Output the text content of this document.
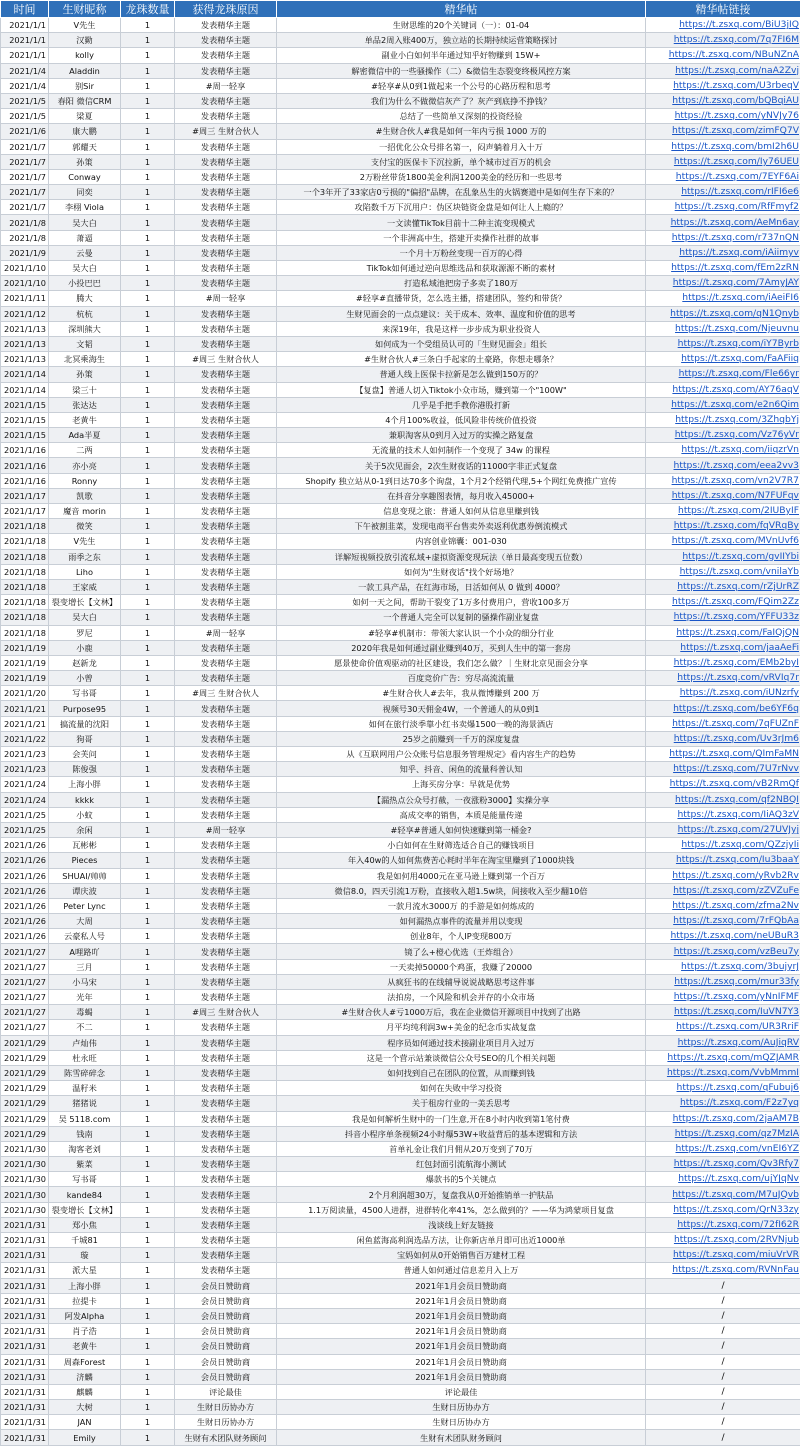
时间	生财昵称	龙珠数量	获得龙珠原因	精华帖	精华帖链接
2021/1/1	V先生	1	发表精华主题	生财思维的20个关键词（一）：01-04	https://t.zsxq.com/BiU3jIQ
2021/1/1	汉勤	1	发表精华主题	单品2周入账400万，独立站的长期持续运营策略探讨	https://t.zsxq.com/7q7FI6M
2021/1/1	kolly	1	发表精华主题	副业小白如何半年通过知乎好物赚到 15W+	https://t.zsxq.com/NBuNZnA
2021/1/4	Aladdin	1	发表精华主题	解密微信中的一些骚操作（二）&微信生态裂变终极风控方案	https://t.zsxq.com/naA2Zvj
2021/1/4	别Sir	1	#周一轻享	#轻享#从0到1做起来一个公号的心路历程和思考	https://t.zsxq.com/U3rbeqV
2021/1/5	春阳 微信CRM	1	发表精华主题	我们为什么不做微信灰产了？灰产到底挣不挣钱？	https://t.zsxq.com/bQBqiAU
2021/1/5	梁夏	1	发表精华主题	总结了一些简单又深刻的投资经验	https://t.zsxq.com/yNVJy76
2021/1/6	康大鹏	1	#周三 生财合伙人	#生财合伙人#我是如何一年内亏损 1000 万的	https://t.zsxq.com/zimFQ7V
2021/1/7	郭耀天	1	发表精华主题	一招优化公众号排名第一，闷声躺着月入十万	https://t.zsxq.com/bmI2h6U
2021/1/7	孙策	1	发表精华主题	支付宝的医保卡下沉拉新，单个城市过百万的机会	https://t.zsxq.com/Iy76UEU
2021/1/7	Conway	1	发表精华主题	2万粉丝带货1800美金利润1200美金的经历和一些思考	https://t.zsxq.com/7EYF6Ai
2021/1/7	同奕	1	发表精华主题	一个3年开了33家店0亏损的"偏招"品牌，在乱象丛生的火锅赛道中是如何生存下来的？	https://t.zsxq.com/rIFI6e6
2021/1/7	李栩 Viola	1	发表精华主题	攻陷数千万下沉用户：伪区块链资金盘是如何让人上瘾的？	https://t.zsxq.com/RfFmyf2
2021/1/8	吴大白	1	发表精华主题	一文读懂TikTok目前十二种主流变现模式	https://t.zsxq.com/AeMn6ay
2021/1/8	萧逼	1	发表精华主题	一个非洲高中生，搭建开卖操作社群的故事	https://t.zsxq.com/r737nQN
2021/1/9	云曼	1	发表精华主题	一个月十万粉丝变现一百万的心得	https://t.zsxq.com/iAiimyv
2021/1/10	吴大白	1	发表精华主题	TikTok如何通过逆向思维选品和获取源源不断的素材	https://t.zsxq.com/fEm2zRN
2021/1/10	小投巴巴	1	发表精华主题	打造私域池把房子多卖了180万	https://t.zsxq.com/7AmyJAY
2021/1/11	腾大	1	#周一轻享	#轻享#直播带货，怎么选主播，搭建团队，签约和带货？	https://t.zsxq.com/iAeiFI6
2021/1/12	杭杭	1	发表精华主题	生财见面会的一点点建议：关于成本、效率、温度和价值的思考	https://t.zsxq.com/qN1Qnyb
2021/1/13	深圳熊大	1	发表精华主题	来深19年，我是这样一步步成为职业投资人	https://t.zsxq.com/Njeuvnu
2021/1/13	文韬	1	发表精华主题	如何成为一个受组员认可的「生财见面会」组长	https://t.zsxq.com/iY7Byrb
2021/1/13	北冥乘海生	1	#周三 生财合伙人	#生财合伙人#三条白手起家的土豪路，你想走哪条？	https://t.zsxq.com/FaAFiiq
2021/1/14	孙策	1	发表精华主题	普通人线上医保卡拉新是怎么做到150万的？	https://t.zsxq.com/Fle66yr
2021/1/14	梁三十	1	发表精华主题	【复盘】普通人切入Tiktok小众市场，赚到第一个"100W"	https://t.zsxq.com/AY76aqV
2021/1/15	张达达	1	发表精华主题	几乎是手把手教你港股打新	https://t.zsxq.com/e2n6Qim
2021/1/15	老黄牛	1	发表精华主题	4个月100%收益，低风险非传统价值投资	https://t.zsxq.com/3ZhqbYj
2021/1/15	Ada半夏	1	发表精华主题	兼职淘客从0到月入过万的实操之路复盘	https://t.zsxq.com/Vz76yVr
2021/1/16	二两	1	发表精华主题	无流量的技术人如何制作一个变现了 34w 的课程	https://t.zsxq.com/iiqzrVn
2021/1/16	亦小亮	1	发表精华主题	关于5次见面会，2次生财夜话的11000字非正式复盘	https://t.zsxq.com/eea2vv3
2021/1/16	Ronny	1	发表精华主题	Shopify 独立站从0-1到日达70多个询盘，1个月2个经销代理,5+个网红免费推广宣传	https://t.zsxq.com/vn2V7R7
2021/1/17	凯歌	1	发表精华主题	在抖音分享趣图表情，每月收入45000+	https://t.zsxq.com/N7FUFqv
2021/1/17	魔音 morin	1	发表精华主题	信息变现之旅：普通人如何从信息里赚到钱	https://t.zsxq.com/2IUByIF
2021/1/18	微笑	1	发表精华主题	下午被割韭菜，发现电商平台售卖外卖返利优惠券倒流模式	https://t.zsxq.com/fqVRqBy
2021/1/18	V先生	1	发表精华主题	内容创业锦囊：001-030	https://t.zsxq.com/MVnUvf6
2021/1/18	雨季之东	1	发表精华主题	详解短视频投放引流私域+虚拟资源变现玩法（单日最高变现五位数）	https://t.zsxq.com/gvIIYbi
2021/1/18	Liho	1	发表精华主题	如何为"生财夜话"找个好场地？	https://t.zsxq.com/vnilaYb
2021/1/18	王家威	1	发表精华主题	一款工具产品，在红海市场，日活如何从 0 做到 4000？	https://t.zsxq.com/rZjUrRZ
2021/1/18	裂变增长【文林】	1	发表精华主题	如何一天之间，帮助干裂变了1万多付费用户，营收100多万	https://t.zsxq.com/FQim2Zz
2021/1/18	吴大白	1	发表精华主题	一个普通人完全可以复制的骚操作副业复盘	https://t.zsxq.com/YFFU33z
2021/1/18	罗尼	1	#周一轻享	#轻享#机制市：带领大家认识一个小众的细分行业	https://t.zsxq.com/FaIQjQN
2021/1/19	小鹿	1	发表精华主题	2020年我是如何通过副业赚到40万，买到人生中的第一套房	https://t.zsxq.com/jaaAeFi
2021/1/19	赵新龙	1	发表精华主题	愿景使命价值观驱动的社区建设，我们怎么做？｜生财北京见面会分享	https://t.zsxq.com/EMb2byI
2021/1/19	小曾	1	发表精华主题	百度竞价广告：穷尽高流流量	https://t.zsxq.com/vRVIq7r
2021/1/20	写书哥	1	#周三 生财合伙人	#生财合伙人#去年，我从微博赚到 200 万	https://t.zsxq.com/iUNzrfy
2021/1/21	Purpose95	1	发表精华主题	视频号30天佣金4W，一个普通人的从0到1	https://t.zsxq.com/be6YF6q
2021/1/21	搞流量的沈阳	1	发表精华主题	如何在旅行淡季靠小红书卖爆1500一晚的海景酒店	https://t.zsxq.com/7qFUZnF
2021/1/22	狗哥	1	发表精华主题	25岁之前赚到一千万的深度复盘	https://t.zsxq.com/Uv3rJm6
2021/1/23	会芙问	1	发表精华主题	从《互联网用户公众账号信息服务管理规定》看内容生产的趋势	https://t.zsxq.com/QImFaMN
2021/1/23	陈俊强	1	发表精华主题	知乎、抖音、闲鱼的流量科普认知	https://t.zsxq.com/7U7rNvv
2021/1/24	上海小胖	1	发表精华主题	上海买房分享：早就是优势	https://t.zsxq.com/vB2RmQf
2021/1/24	kkkk	1	发表精华主题	【漏热点公众号打截，一夜涨粉3000】实操分享	https://t.zsxq.com/qf2NBQI
2021/1/25	小蚊	1	发表精华主题	高成交率的销售，本质是能量传递	https://t.zsxq.com/IiAQ3zV
2021/1/25	余闲	1	#周一轻享	#轻享#普通人如何快速赚到第一桶金?	https://t.zsxq.com/27UVJyj
2021/1/26	瓦彬彬	1	发表精华主题	小白如何在生财筛选适合自己的赚钱项目	https://t.zsxq.com/QZzjyIi
2021/1/26	Pieces	1	发表精华主题	年入40w的人如何焦费苦心耗时半年在淘宝里赚到了1000块钱	https://t.zsxq.com/Iu3baaY
2021/1/26	SHUAI/帅帅	1	发表精华主题	我是如何用4000元在亚马逊上赚到第一个百万	https://t.zsxq.com/yRvb2Rv
2021/1/26	谭庆波	1	发表精华主题	微信8.0，四天引流1万粉，直接收入超1.5w块，间接收入至少翻10倍	https://t.zsxq.com/zZVZuFe
2021/1/26	Peter Lync	1	发表精华主题	一款月流水3000万 的手游是如何炼成的	https://t.zsxq.com/zfma2Nv
2021/1/26	大周	1	发表精华主题	如何漏热点事件的流量并用以变现	https://t.zsxq.com/7rFQbAa
2021/1/26	云豪私人号	1	发表精华主题	创业8年，个人IP变现800万	https://t.zsxq.com/neUBuR3
2021/1/27	A哩路吖	1	发表精华主题	镜了么+橙心优选（王炸组合）	https://t.zsxq.com/vzBeu7y
2021/1/27	三月	1	发表精华主题	一天卖掉50000个鸡蛋，我赚了20000	https://t.zsxq.com/3bujyrJ
2021/1/27	小马宋	1	发表精华主题	从疯狂书的在线辅导说说战略思考这件事	https://t.zsxq.com/mur33fy
2021/1/27	光年	1	发表精华主题	法拍房，一个风险和机会并存的小众市场	https://t.zsxq.com/yNnIFMF
2021/1/27	毒蝎	1	#周三 生财合伙人	#生财合伙人#亏1000万后，我在企业微信开源项目中找到了出路	https://t.zsxq.com/IuVN7Y3
2021/1/27	不二	1	发表精华主题	月平均纯利润3w+美金的纪念币实战复盘	https://t.zsxq.com/UR3RriF
2021/1/29	卢灿伟	1	发表精华主题	程序员如何通过技术接副业项目月入过万	https://t.zsxq.com/AuJiqRV
2021/1/29	杜永旺	1	发表精华主题	这是一个营示站兼谈微信公众号SEO的几个相关问题	https://t.zsxq.com/mQZJAMR
2021/1/29	陈雪碎碎念	1	发表精华主题	如何找到自己在团队的位置，从而赚到钱	https://t.zsxq.com/VvbMmmI
2021/1/29	温籽米	1	发表精华主题	如何在失败中学习投资	https://t.zsxq.com/qFubuj6
2021/1/29	猪猪说	1	发表精华主题	关于租房行业的一美丢思考	https://t.zsxq.com/F2z7yq
2021/1/29	吴 5118.com	1	发表精华主题	我是如何解析生财中的一门生意,开在8小时内收到第1笔付费	https://t.zsxq.com/2jaAM7B
2021/1/29	钱南	1	发表精华主题	抖音小程序单条视频24小时爆53W+收益背后的基本逻辑和方法	https://t.zsxq.com/qz7MzIA
2021/1/30	淘客老刘	1	发表精华主题	首单礼金让我们月佣从20万变到了70万	https://t.zsxq.com/vnEI6YZ
2021/1/30	紫菜	1	发表精华主题	红包封面引流航海小测试	https://t.zsxq.com/Qv3Rfy7
2021/1/30	写书哥	1	发表精华主题	爆款书的5个关键点	https://t.zsxq.com/ujYJqNv
2021/1/30	kande84	1	发表精华主题	2个月利润超30万，复盘我从0开始推销单一护肤品	https://t.zsxq.com/M7uJQvb
2021/1/30	裂变增长【文林】	1	发表精华主题	1.1万阅读量，4500人进群，进群转化率41%，怎么做到的？——华为鸿蒙项目复盘	https://t.zsxq.com/QrN33zy
2021/1/31	郑小焦	1	发表精华主题	浅谈线上好友链接	https://t.zsxq.com/72fI62R
2021/1/31	千城81	1	发表精华主题	闲鱼蓝海高利润选品方法，让你新店单月即可出近1000单	https://t.zsxq.com/2RVNjub
2021/1/31	璇	1	发表精华主题	宝妈如何从0开始销售百万建材工程	https://t.zsxq.com/miuVrVR
2021/1/31	派大星	1	发表精华主题	普通人如何通过信息差月入上万	https://t.zsxq.com/RVNnFau
2021/1/31	上海小胖	1	会员日赞助商	2021年1月会员日赞助商	/
2021/1/31	拉提卡	1	会员日赞助商	2021年1月会员日赞助商	/
2021/1/31	阿发Alpha	1	会员日赞助商	2021年1月会员日赞助商	/
2021/1/31	肖子浩	1	会员日赞助商	2021年1月会员日赞助商	/
2021/1/31	老黄牛	1	会员日赞助商	2021年1月会员日赞助商	/
2021/1/31	周森Forest	1	会员日赞助商	2021年1月会员日赞助商	/
2021/1/31	济麟	1	会员日赞助商	2021年1月会员日赞助商	/
2021/1/31	麒麟	1	评论最佳	评论最佳	/
2021/1/31	大树	1	生财日历协办方	生财日历协办方	/
2021/1/31	JAN	1	生财日历协办方	生财日历协办方	/
2021/1/31	Emily	1	生财有术团队财务顾问	生财有术团队财务顾问	/
